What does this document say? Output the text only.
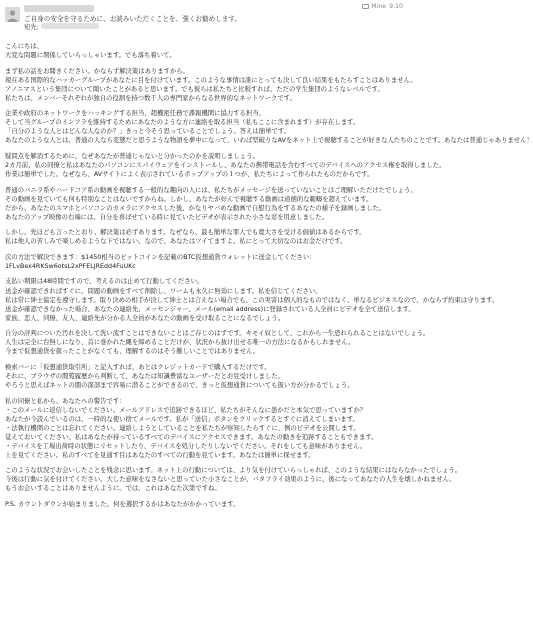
ご自身の安全を守るために、お読みいただくことを、強くお勧めします。
宛先:
Mine 9:10

こんにちは、
大変な問題に関係していらっしゃいます。でも落ち着いて。

まず私の話をお聞きください。かならず解決策はありますから。
現在ある国際的なハッカーグループがあなたに目を付けています。このような事情は誰にとっても決して良い結果をもたらすことはありません。
アノニマスという集団について聞いたことがあると思います。でも彼らは私たちと比較すれば、ただの学生集団のようなレベルです。
私たちは、メンバーそれぞれが独自の役割を持つ数千人の専門家からなる世界的なネットワークです。

企業や政府のネットワークをハッキングする担当、超機密任務で諜報機関に協力する担当、
そして当グループのインフラを維持するためにあなたのような方に連絡を取る担当（私もここに含まれます）が存在します。
「自分のような人とはどんな人なのか？」きっと今そう思っていることでしょう。答えは簡単です。
あなたのような人とは、普通の人なら変態だと思うような物語を夢中になって、いわば型破りなAVをネット上で視聴することが好きな人たちのことです。あなたは普通じゃありません！

疑問点を解消するために、なぜあなたが普通じゃないと分かったのかを説明しましょう。
2カ月前、私の同僚と私はあなたのパソコンにスパイウェアをインストールし、あなたの携帯電話を含むすべてのデバイスへのアクセス権を取得しました。
作業は簡単でした。なぜなら、AVサイトによく表示されているポップアップの１つが、私たちによって作られたものだからです。

普通のバニラ系やハードコア系の動画を視聴する一般的な趣向の人には、私たちがメッセージを送っていないことはご理解いただけたでしょう。
その動画を見ていても何も特別なことはないですからね。しかし、あなたが好んで視聴する動画は道徳的な範疇を超えています。
だから、あなたのスマホとパソコンのカメラにアクセスした後、かなりヤバめな動画で自慰行為をするあなたの様子を録画しました。
あなたのアップ映像の右端には、自分を喜ばせている時に見ていたビデオが表示された小さな窓を用意しました。

しかし、先ほども言ったとおり、解決策は必ずあります。なぜなら、最も簡単な罪人でも寛大さを受ける価値はあるからです。
私は他人の苦しみで楽しめるような下ではない。なので、あなたはツイてますよ。私にとって大切なのはお金だけです。

次の方法で解決できます：$1450相当のビットコインを記載のBTC仮想通貨ウォレットに送金してください：
1FLvBex4RKSw6otsL2xPFELJREdd4FuUKc

支払い期限は48時間ですので、考えるのは止めて行動してください。
送金が確認できればすぐに、問題の動画をすべて削除し、ワームも永久に無効にします。私を信じてください。
私は常に紳士協定を遵守します。取り決めの相手が決して紳士とは言えない場合でも、この実害は個人的なものではなく、単なるビジネスなので、かならず約束は守ります。
送金が確認できなかった場合、あなたの連絡先、メッセンジャー、メール(email address)に登録されている人全員にビデオを全て送信します。
家族、恋人、同僚、友人、連絡先が分かる人全員があなたの動画を受け取ることになるでしょう。

自分の評判についた汚れを決して洗い流すことはできないことはご存じのはずです。キモイ奴として、これから一生恐れられることはないでしょう。
人生は完全に台無しになり、首に巻かれた縄を締めることだけが、状況から抜け出せる唯一の方法になるかもしれません。
今まで仮想通貨を扱ったことがなくても、理解するのはそう難しいことではありません。

検索バーに「仮想通貨取引所」と記入すれば、あとはクレジットカードで購入するだけです。
それに、ブラウザの閲覧履歴から判断して、あなたは知識豊富なユーザーだとお見受けしました。
やろうと思えばネットの闇の深部まで容易に潜ることができるので、きっと仮想通貨についても扱い方が分かるでしょう。

私の同僚と私から、あなたへの警告です：
・このメールに返信しないでください。メールアドレスで追跡できるほど、私たちがそんなに愚かだと本気で思っていますか？
あなたが今読んでいるのは、一時的な使い捨てメールです。私が「送信」ボタンをクリックするとすぐに消えてしまいます。
・法執行機関のことは忘れてください。連絡しようとしていることを私たちが察知したらすぐに、例のビデオを公開します。
覚えておいてください。私はあなたが持っているすべてのデバイスにアクセスできます。あなたの動きを追跡することもできます。
・デバイスを工場出荷時の状態にリセットしたり、デバイスを処分したりしないでください。それをしても意味がありません。
上を見てください。私のすべてを見通す目はあなたのすべての行動を見ています。あなたは簡単に探せます。

このような状況でお会いしたことを残念に思います。ネット上の行動については、より気を付けていらっしゃれば、このような結果にはならなかったでしょう。
今後は行動に気を付けてください。大した意味をなさないと思っていた小さなことが、バタフライ効果のように、後になってあなたの人生を壊しかねません。
もうお会いすることはありませんように。では、これはあなた次第ですね。

P.S. カウントダウンが始まりました。何を選択するかはあなたがかかっています。
